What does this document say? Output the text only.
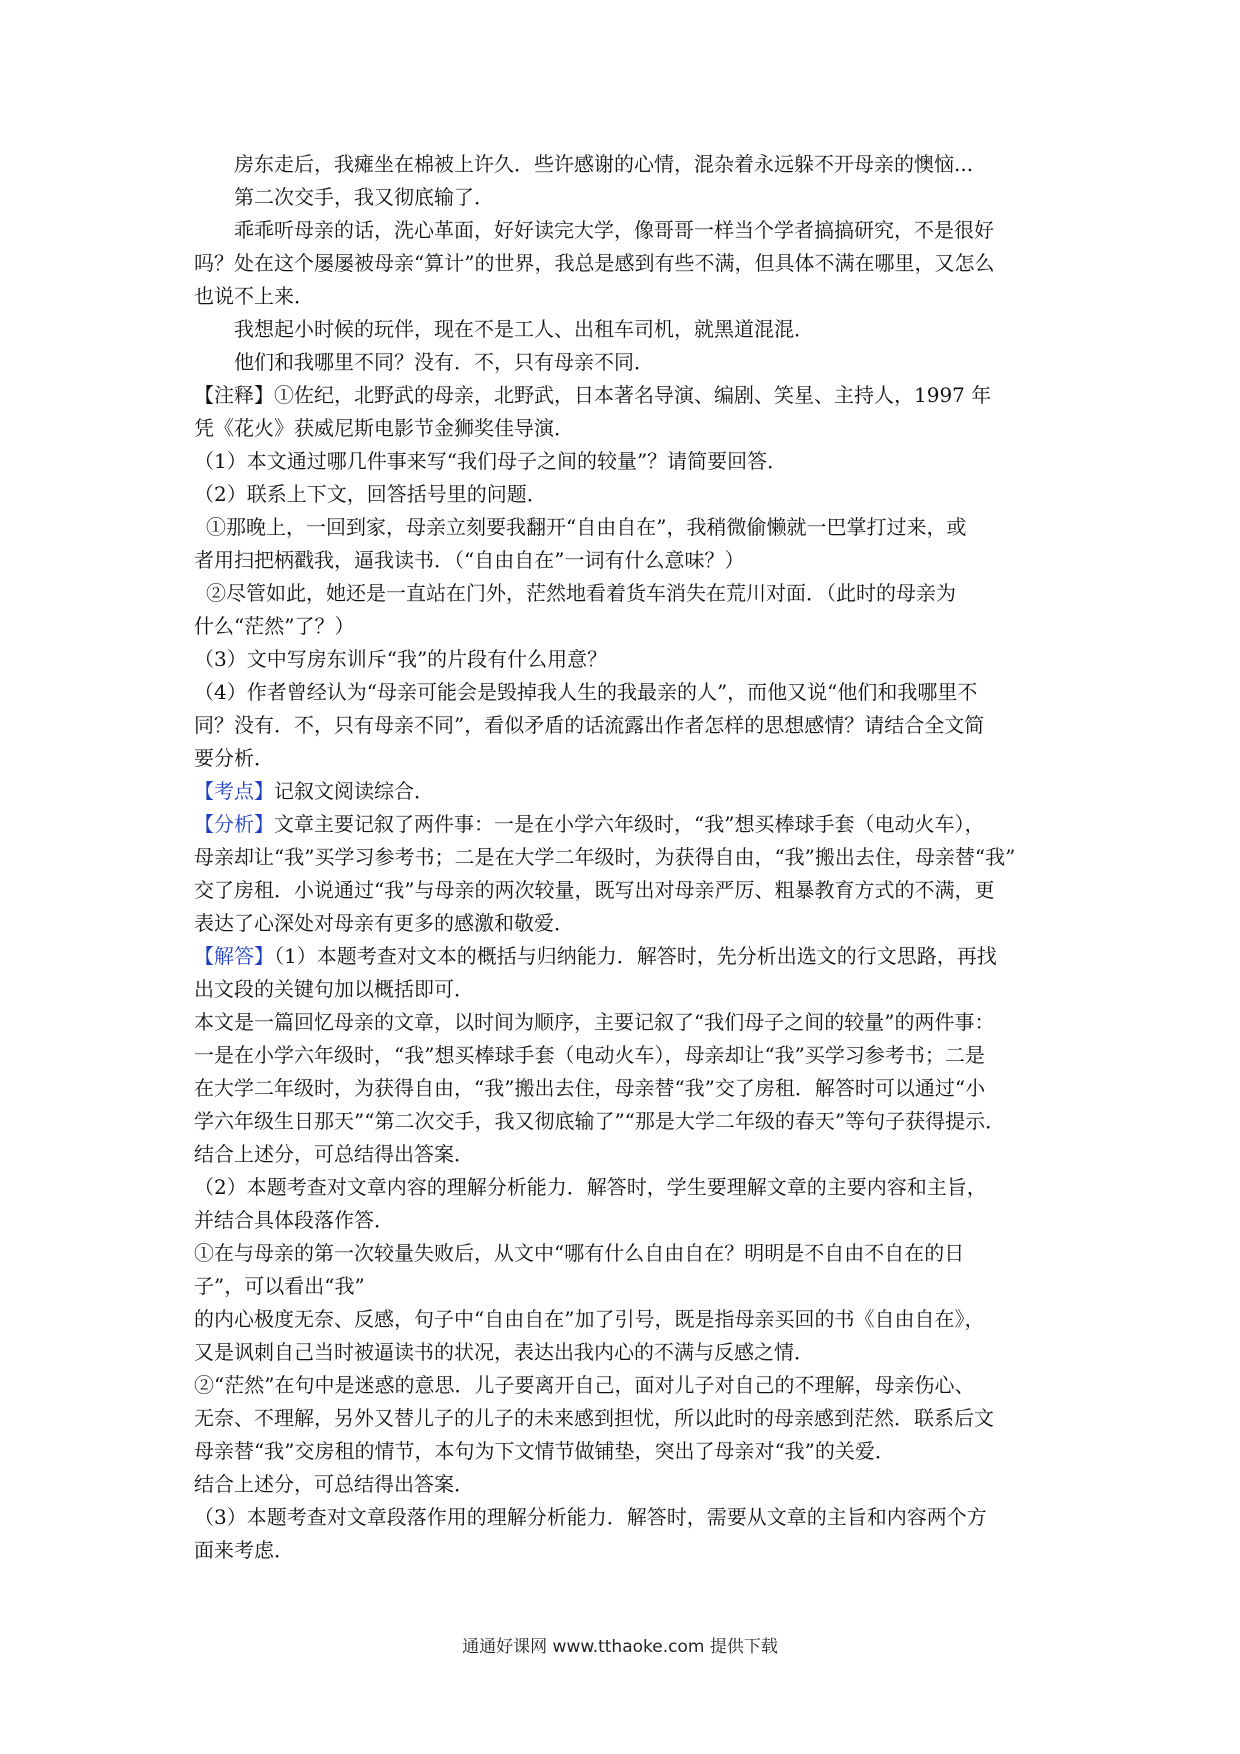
房东走后，我瘫坐在棉被上许久．些许感谢的心情，混杂着永远躲不开母亲的懊恼...
第二次交手，我又彻底输了．
乖乖听母亲的话，洗心革面，好好读完大学，像哥哥一样当个学者搞搞研究，不是很好
吗？处在这个屡屡被母亲“算计”的世界，我总是感到有些不满，但具体不满在哪里，又怎么
也说不上来．
我想起小时候的玩伴，现在不是工人、出租车司机，就黑道混混．
他们和我哪里不同？没有．不，只有母亲不同．
【注释】①佐纪，北野武的母亲，北野武，日本著名导演、编剧、笑星、主持人，1997 年
凭《花火》获威尼斯电影节金狮奖佳导演．
（1）本文通过哪几件事来写“我们母子之间的较量”？请简要回答．
（2）联系上下文，回答括号里的问题．
①那晚上，一回到家，母亲立刻要我翻开“自由自在”，我稍微偷懒就一巴掌打过来，或
者用扫把柄戳我，逼我读书．（“自由自在”一词有什么意味？）
②尽管如此，她还是一直站在门外，茫然地看着货车消失在荒川对面．（此时的母亲为
什么“茫然”了？）
（3）文中写房东训斥“我”的片段有什么用意？
（4）作者曾经认为“母亲可能会是毁掉我人生的我最亲的人”，而他又说“他们和我哪里不
同？没有．不，只有母亲不同”，看似矛盾的话流露出作者怎样的思想感情？请结合全文简
要分析．
【考点】记叙文阅读综合．
【分析】文章主要记叙了两件事：一是在小学六年级时，“我”想买棒球手套（电动火车），
母亲却让“我”买学习参考书；二是在大学二年级时，为获得自由，“我”搬出去住，母亲替“我”
交了房租．小说通过“我”与母亲的两次较量，既写出对母亲严厉、粗暴教育方式的不满，更
表达了心深处对母亲有更多的感激和敬爱．
【解答】（1）本题考查对文本的概括与归纳能力．解答时，先分析出选文的行文思路，再找
出文段的关键句加以概括即可．
本文是一篇回忆母亲的文章，以时间为顺序，主要记叙了“我们母子之间的较量”的两件事：
一是在小学六年级时，“我”想买棒球手套（电动火车），母亲却让“我”买学习参考书；二是
在大学二年级时，为获得自由，“我”搬出去住，母亲替“我”交了房租．解答时可以通过“小
学六年级生日那天”“第二次交手，我又彻底输了”“那是大学二年级的春天”等句子获得提示．
结合上述分，可总结得出答案．
（2）本题考查对文章内容的理解分析能力．解答时，学生要理解文章的主要内容和主旨，
并结合具体段落作答．
①在与母亲的第一次较量失败后，从文中“哪有什么自由自在？明明是不自由不自在的日
子”，可以看出“我”
的内心极度无奈、反感，句子中“自由自在”加了引号，既是指母亲买回的书《自由自在》，
又是讽刺自己当时被逼读书的状况，表达出我内心的不满与反感之情．
②“茫然”在句中是迷惑的意思．儿子要离开自己，面对儿子对自己的不理解，母亲伤心、
无奈、不理解，另外又替儿子的儿子的未来感到担忧，所以此时的母亲感到茫然．联系后文
母亲替“我”交房租的情节，本句为下文情节做铺垫，突出了母亲对“我”的关爱．
结合上述分，可总结得出答案．
（3）本题考查对文章段落作用的理解分析能力．解答时，需要从文章的主旨和内容两个方
面来考虑．
通通好课网 www.tthaoke.com 提供下载
